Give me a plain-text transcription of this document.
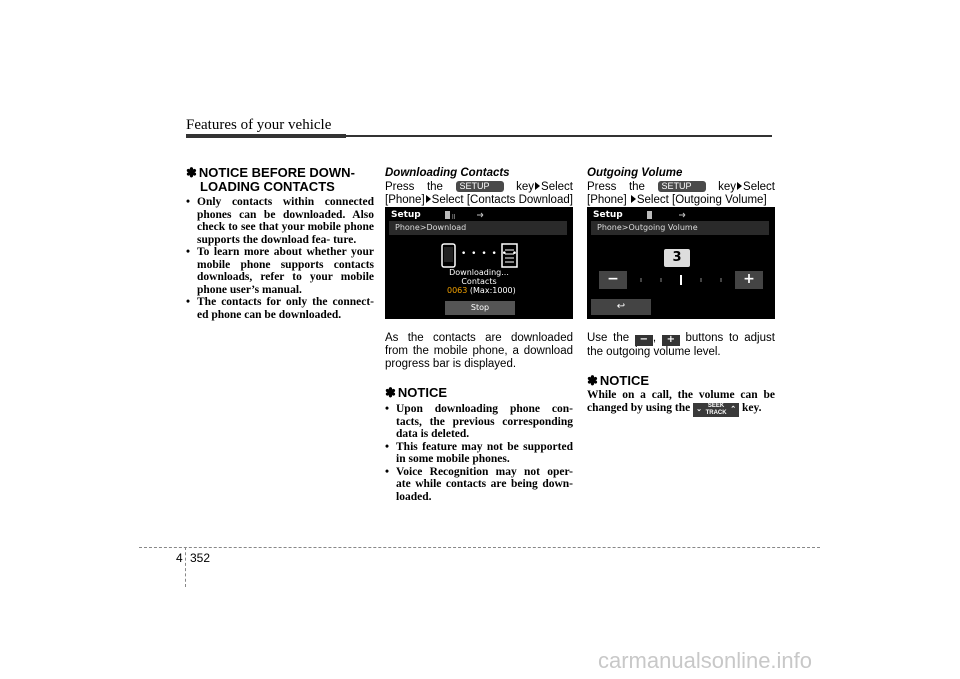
Features of your vehicle
✽ NOTICE BEFORE DOWN-
LOADING CONTACTS
• Only contacts within connected phones can be downloaded. Also check to see that your mobile phone supports the download fea- ture.
• To learn more about whether your mobile phone supports contacts downloads, refer to your mobile phone user’s manual.
• The contacts for only the connect- ed phone can be downloaded.
Downloading Contacts
Press the SETUP key Select
[Phone] Select [Contacts Download]
Setup	ll
Phone>Download
• • • • • •
Downloading...
Contacts
0063 (Max:1000)
Stop
As the contacts are downloaded from the mobile phone, a download progress bar is displayed.
✽ NOTICE
• Upon downloading phone con- tacts, the previous corresponding data is deleted.
• This feature may not be supported in some mobile phones.
• Voice Recognition may not oper- ate while contacts are being down- loaded.
Outgoing Volume
Press the SETUP key Select
[Phone] Select [Outgoing Volume]
Setup
Phone>Outgoing Volume
3
−	+
↩
Use the − , + buttons to adjust the outgoing volume level.
✽ NOTICE
While on a call, the volume can be changed by using the ⌄ SEEK
TRACK ⌃ key.
4 352
carmanualsonline.info
